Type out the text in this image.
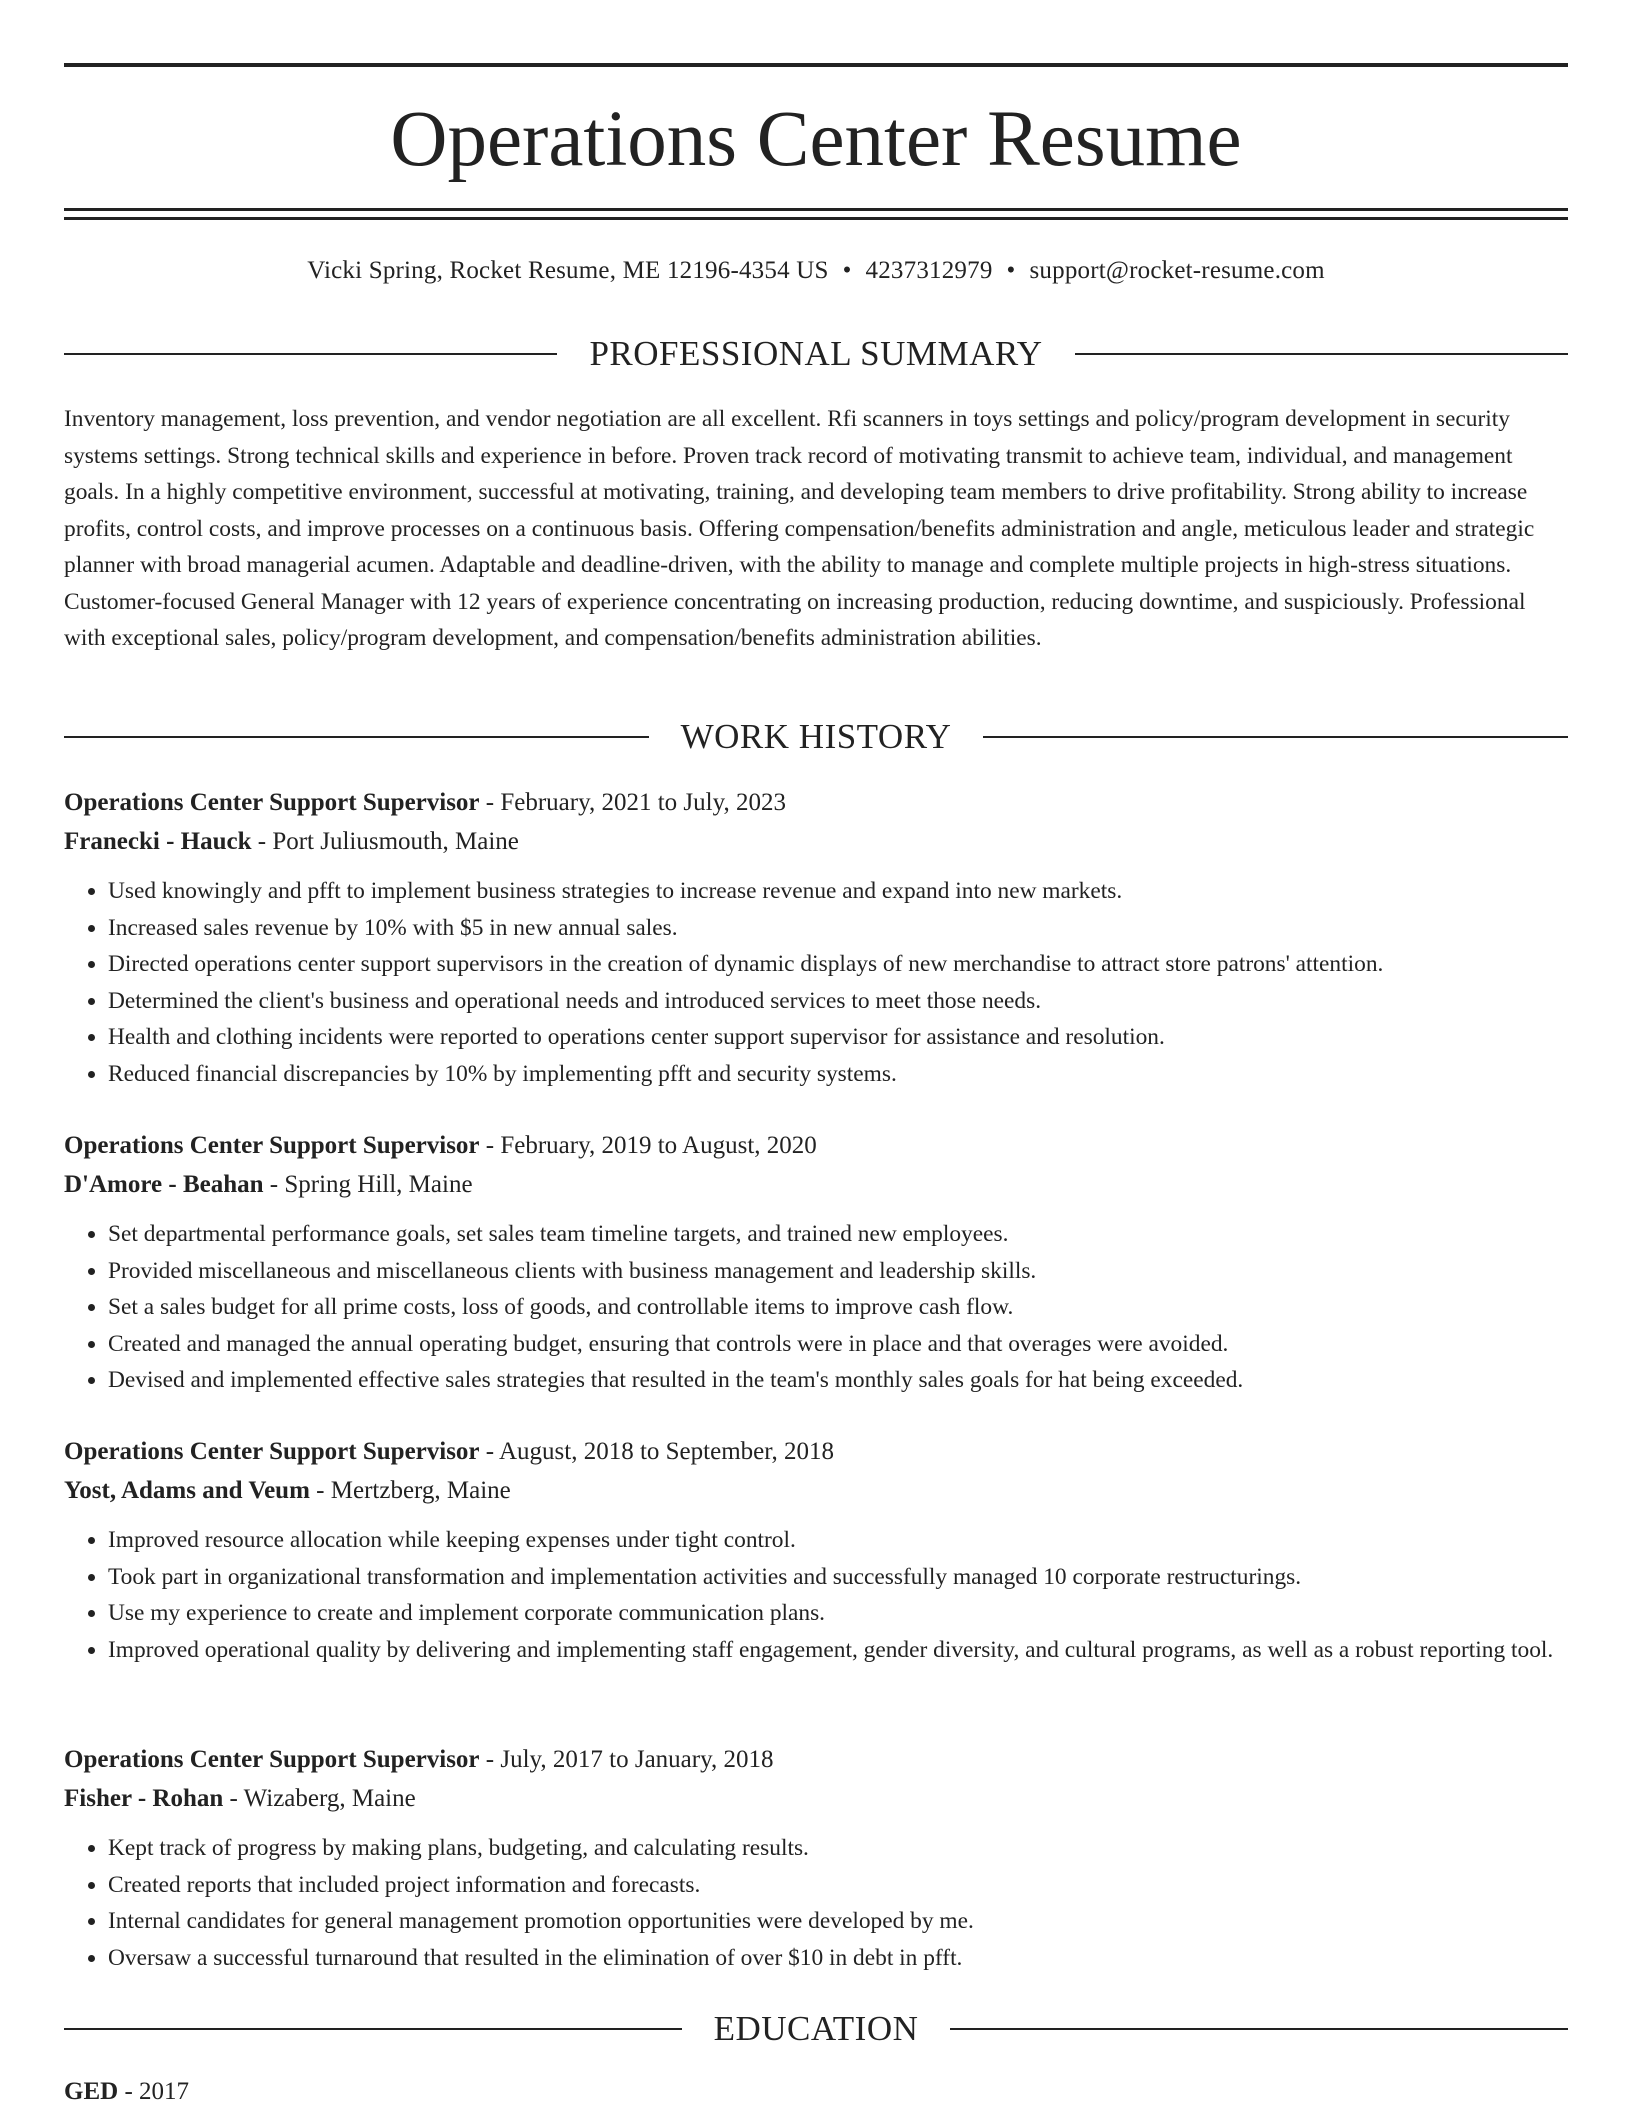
Operations Center Resume
Vicki Spring, Rocket Resume, ME 12196-4354 US • 4237312979 • support@rocket-resume.com
PROFESSIONAL SUMMARY

Inventory management, loss prevention, and vendor negotiation are all excellent. Rfi scanners in toys settings and policy/program development in security systems settings. Strong technical skills and experience in before. Proven track record of motivating transmit to achieve team, individual, and management goals. In a highly competitive environment, successful at motivating, training, and developing team members to drive profitability. Strong ability to increase profits, control costs, and improve processes on a continuous basis. Offering compensation/benefits administration and angle, meticulous leader and strategic planner with broad managerial acumen. Adaptable and deadline-driven, with the ability to manage and complete multiple projects in high-stress situations. Customer-focused General Manager with 12 years of experience concentrating on increasing production, reducing downtime, and suspiciously. Professional with exceptional sales, policy/program development, and compensation/benefits administration abilities.

WORK HISTORY
Operations Center Support Supervisor - February, 2021 to July, 2023
Franecki - Hauck - Port Juliusmouth, Maine
• Used knowingly and pfft to implement business strategies to increase revenue and expand into new markets.
• Increased sales revenue by 10% with $5 in new annual sales.
• Directed operations center support supervisors in the creation of dynamic displays of new merchandise to attract store patrons' attention.
• Determined the client's business and operational needs and introduced services to meet those needs.
• Health and clothing incidents were reported to operations center support supervisor for assistance and resolution.
• Reduced financial discrepancies by 10% by implementing pfft and security systems.
Operations Center Support Supervisor - February, 2019 to August, 2020
D'Amore - Beahan - Spring Hill, Maine
• Set departmental performance goals, set sales team timeline targets, and trained new employees.
• Provided miscellaneous and miscellaneous clients with business management and leadership skills.
• Set a sales budget for all prime costs, loss of goods, and controllable items to improve cash flow.
• Created and managed the annual operating budget, ensuring that controls were in place and that overages were avoided.
• Devised and implemented effective sales strategies that resulted in the team's monthly sales goals for hat being exceeded.
Operations Center Support Supervisor - August, 2018 to September, 2018
Yost, Adams and Veum - Mertzberg, Maine
• Improved resource allocation while keeping expenses under tight control.
• Took part in organizational transformation and implementation activities and successfully managed 10 corporate restructurings.
• Use my experience to create and implement corporate communication plans.
• Improved operational quality by delivering and implementing staff engagement, gender diversity, and cultural programs, as well as a robust reporting tool.
Operations Center Support Supervisor - July, 2017 to January, 2018
Fisher - Rohan - Wizaberg, Maine
• Kept track of progress by making plans, budgeting, and calculating results.
• Created reports that included project information and forecasts.
• Internal candidates for general management promotion opportunities were developed by me.
• Oversaw a successful turnaround that resulted in the elimination of over $10 in debt in pfft.
EDUCATION
GED - 2017
